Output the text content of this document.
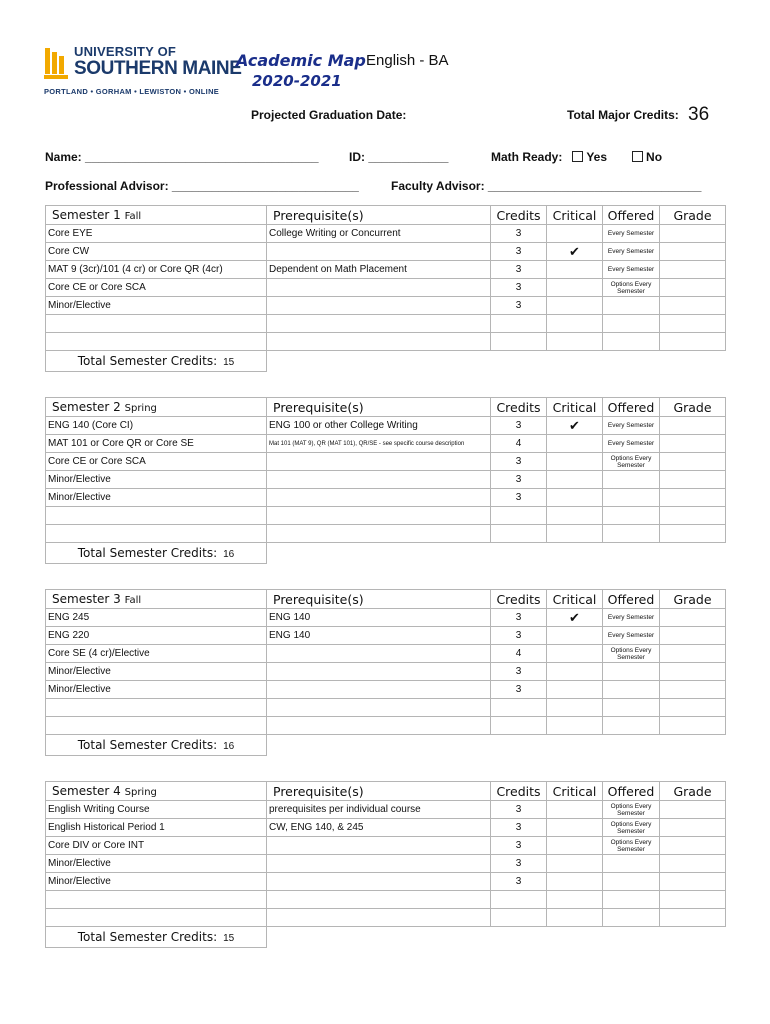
UNIVERSITY OF
SOUTHERN MAINE
PORTLAND • GORHAM • LEWISTON • ONLINE
Academic Map English - BA
2020-2021
Projected Graduation Date:	Total Major Credits: 36
Name: ___________________________________	ID: ____________	Math Ready: Yes	No
Professional Advisor: ____________________________	Faculty Advisor: ________________________________
Semester 1 Fall	Prerequisite(s)	Credits	Critical	Offered	Grade
Core EYE	College Writing or Concurrent	3		Every Semester	
Core CW		3	✔	Every Semester	
MAT 9 (3cr)/101 (4 cr) or Core QR (4cr)	Dependent on Math Placement	3		Every Semester	
Core CE or Core SCA		3		Options Every Semester	
Minor/Elective		3			

Total Semester Credits: 15					
Semester 2 Spring	Prerequisite(s)	Credits	Critical	Offered	Grade
ENG 140 (Core CI)	ENG 100 or other College Writing	3	✔	Every Semester	
MAT 101 or Core QR or Core SE	Mat 101 (MAT 9), QR (MAT 101), QR/SE - see specific course description	4		Every Semester	
Core CE or Core SCA		3		Options Every Semester	
Minor/Elective		3			
Minor/Elective		3			

Total Semester Credits: 16					
Semester 3 Fall	Prerequisite(s)	Credits	Critical	Offered	Grade
ENG 245	ENG 140	3	✔	Every Semester	
ENG 220	ENG 140	3		Every Semester	
Core SE (4 cr)/Elective		4		Options Every Semester	
Minor/Elective		3			
Minor/Elective		3			

Total Semester Credits: 16					
Semester 4 Spring	Prerequisite(s)	Credits	Critical	Offered	Grade
English Writing Course	prerequisites per individual course	3		Options Every Semester	
English Historical Period 1	CW, ENG 140, & 245	3		Options Every Semester	
Core DIV or Core INT		3		Options Every Semester	
Minor/Elective		3			
Minor/Elective		3			

Total Semester Credits: 15					
